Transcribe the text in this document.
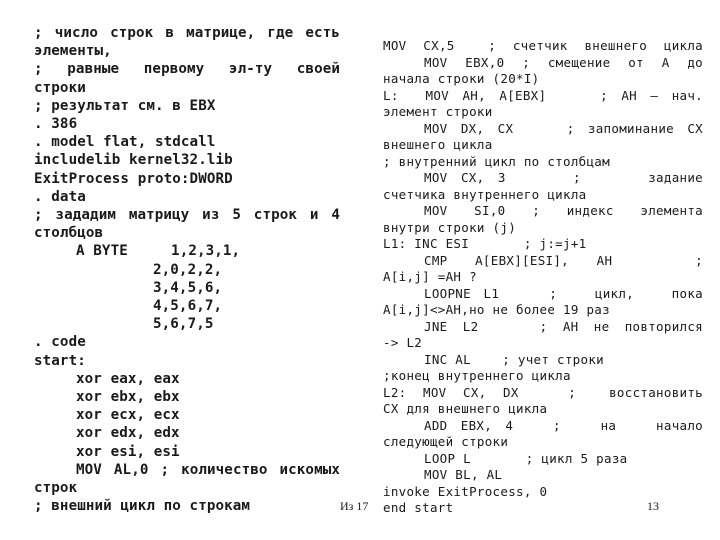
; число строк в матрице, где есть
элементы,
; равные первому эл-ту своей
строки
; результат см. в EBX
. 386
. model flat, stdcall
includelib kernel32.lib
ExitProcess proto:DWORD
. data
; зададим матрицу из 5 строк и 4
столбцов
A BYTE     1,2,3,1,
2,0,2,2,
3,4,5,6,
4,5,6,7,
5,6,7,5
. code
start:
xor eax, eax
xor ebx, ebx
xor ecx, ecx
xor edx, edx
xor esi, esi
MOV AL,0 ; количество искомых
строк
; внешний цикл по строкам
MOV CX,5  ; счетчик внешнего цикла
MOV EBX,0 ; смещение от A до
начала строки (20*I)
L:  MOV AH, A[EBX]    ; AH – нач.
элемент строки
MOV DX, CX    ; запоминание CX
внешнего цикла
; внутренний цикл по столбцам
MOV CX, 3     ;     задание
счетчика внутреннего цикла
MOV SI,0 ; индекс элемента
внутри строки (j)
L1: INC ESI       ; j:=j+1
CMP A[EBX][ESI], AH   ;
A[i,j] =AH ?
LOOPNE L1    ;   цикл,   пока
A[i,j]<>AH,но не более 19 раз
JNE L2    ; AH не повторился
-> L2
INC AL    ; учет строки
;конец внутреннего цикла
L2: MOV CX, DX   ;  восстановить
CX для внешнего цикла
ADD EBX, 4   ;   на   начало
следующей строки
LOOP L       ; цикл 5 раза
MOV BL, AL
invoke ExitProcess, 0
end start
Из 17	13
